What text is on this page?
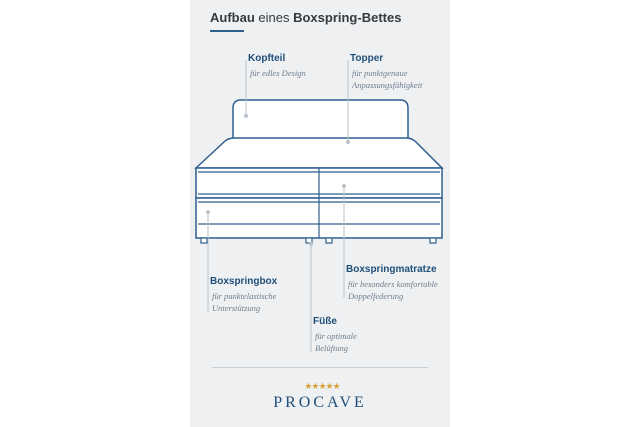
Aufbau eines Boxspring-Bettes
Kopfteil
für edles Design
Topper
für punktgenaue
Anpassungsfähigkeit
Boxspringbox
für punktelastische
Unterstützung
Boxspringmatratze
für besonders komfortable
Doppelfederung
Füße
für optimale
Belüftung
★★★★★
PROCAVE
